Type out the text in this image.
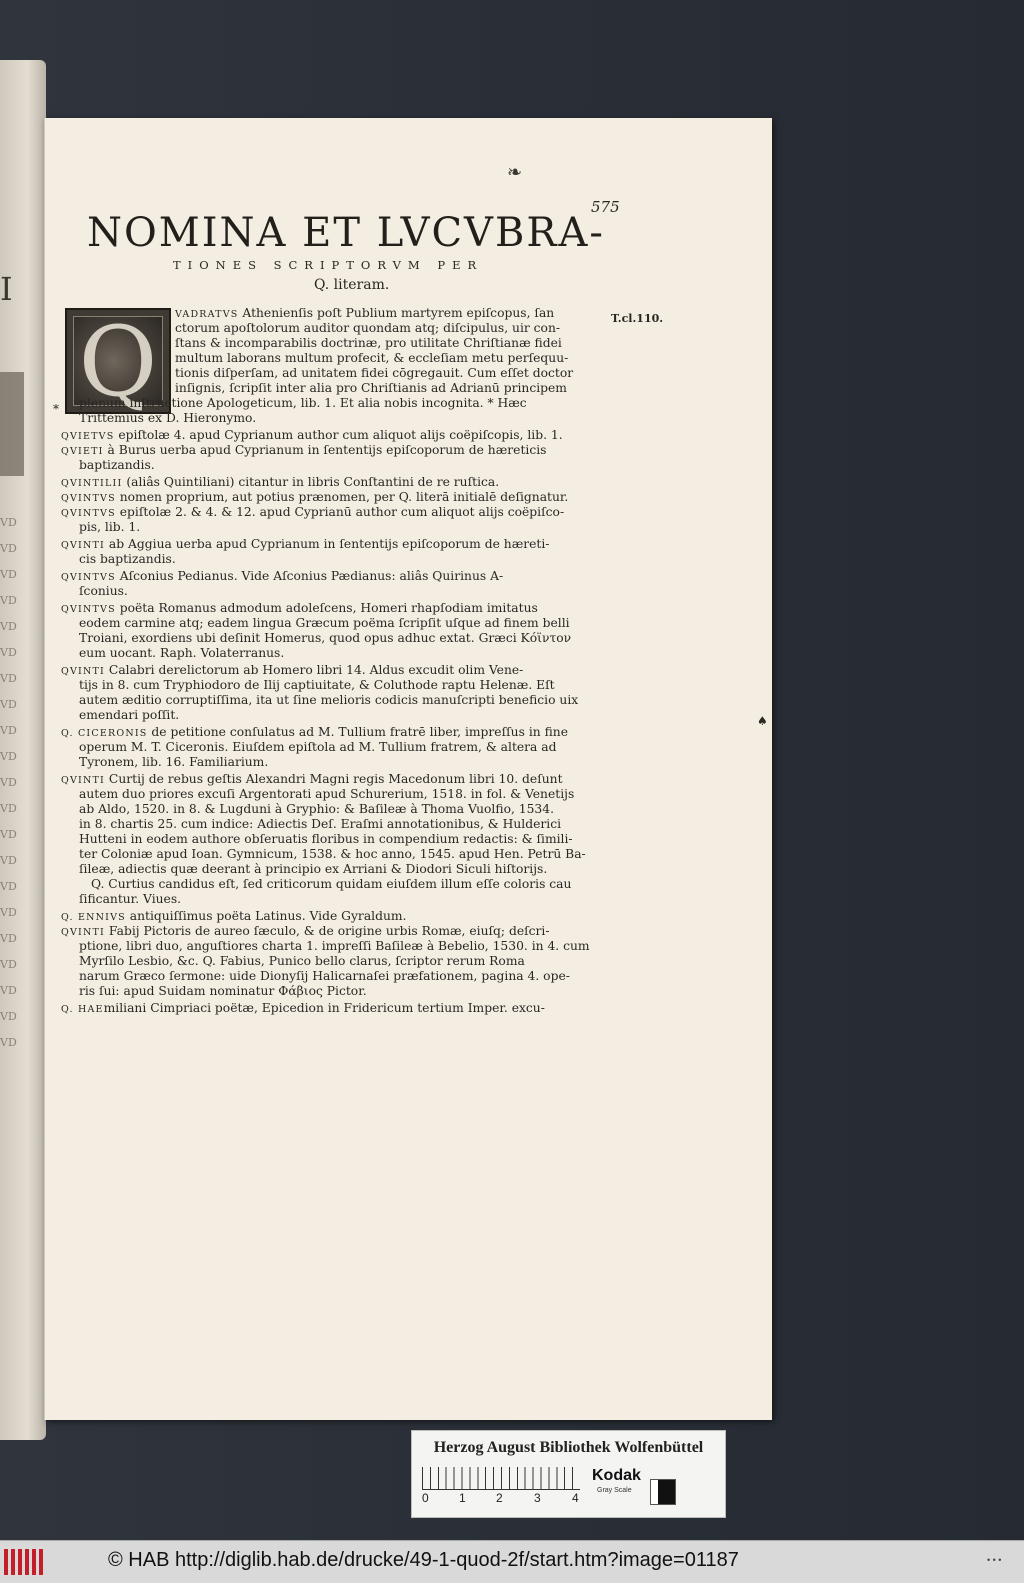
I
VD
VD
VD
VD
VD
VD
VD
VD
VD
VD
VD
VD
VD
VD
VD
VD
VD
VD
VD
VD
VD
❧
575
NOMINA ET LVCVBRA-
TIONES SCRIPTORVM PER
Q. literam.
Q	T.cl.110.
*
♠
VADRATVS Athenienſis poſt Publium martyrem epiſcopus, ſan
ctorum apoſtolorum auditor quondam atq; diſcipulus, uir con-
ſtans & incomparabilis doctrinæ, pro utilitate Chriſtianæ fidei
multum laborans multum profecit, & eccleſiam metu perſequu-
tionis diſperſam, ad unitatem fidei cōgregauit. Cum eſſet doctor
inſignis, ſcripſit inter alia pro Chriſtianis ad Adrianū principem
plenum inſtructione Apologeticum, lib. 1. Et alia nobis incognita. * Hæc
Trittemius ex D. Hieronymo.
QVIETVS epiſtolæ 4. apud Cyprianum author cum aliquot alijs coëpiſcopis, lib. 1.
QVIETI à Burus uerba apud Cyprianum in ſententijs epiſcoporum de hæreticis
baptizandis.
QVINTILII (aliâs Quintiliani) citantur in libris Conſtantini de re ruſtica.
QVINTVS nomen proprium, aut potius prænomen, per Q. literā initialē deſignatur.
QVINTVS epiſtolæ 2. & 4. & 12. apud Cyprianū author cum aliquot alijs coëpiſco-
pis, lib. 1.
QVINTI ab Aggiua uerba apud Cyprianum in ſententijs epiſcoporum de hæreti-
cis baptizandis.
QVINTVS Aſconius Pedianus. Vide Aſconius Pædianus: aliâs Quirinus A-
ſconius.
QVINTVS poëta Romanus admodum adoleſcens, Homeri rhapſodiam imitatus
eodem carmine atq; eadem lingua Græcum poëma ſcripſit uſque ad finem belli
Troiani, exordiens ubi deſinit Homerus, quod opus adhuc extat. Græci Κόϊντον
eum uocant. Raph. Volaterranus.
QVINTI Calabri derelictorum ab Homero libri 14. Aldus excudit olim Vene-
tijs in 8. cum Tryphiodoro de Ilij captiuitate, & Coluthode raptu Helenæ. Eſt
autem æditio corruptiſſima, ita ut ſine melioris codicis manuſcripti beneficio uix
emendari poſſit.
Q. CICERONIS de petitione conſulatus ad M. Tullium fratrē liber, impreſſus in fine
operum M. T. Ciceronis. Eiuſdem epiſtola ad M. Tullium fratrem, & altera ad
Tyronem, lib. 16. Familiarium.
QVINTI Curtij de rebus geſtis Alexandri Magni regis Macedonum libri 10. deſunt
autem duo priores excuſi Argentorati apud Schurerium, 1518. in fol. & Venetijs
ab Aldo, 1520. in 8. & Lugduni à Gryphio: & Baſileæ à Thoma Vuolfio, 1534.
in 8. chartis 25. cum indice: Adiectis Deſ. Eraſmi annotationibus, & Hulderici
Hutteni in eodem authore obſeruatis floribus in compendium redactis: & ſimili-
ter Coloniæ apud Ioan. Gymnicum, 1538. & hoc anno, 1545. apud Hen. Petrū Ba-
ſileæ, adiectis quæ deerant à principio ex Arriani & Diodori Siculi hiſtorijs.
Q. Curtius candidus eſt, ſed criticorum quidam eiuſdem illum eſſe coloris cau
ſificantur. Viues.
Q. ENNIVS antiquiſſimus poëta Latinus. Vide Gyraldum.
QVINTI Fabij Pictoris de aureo ſæculo, & de origine urbis Romæ, eiuſq; deſcri-
ptione, libri duo, anguſtiores charta 1. impreſſi Baſileæ à Bebelio, 1530. in 4. cum
Myrſilo Lesbio, &c. Q. Fabius, Punico bello clarus, ſcriptor rerum Roma
narum Græco ſermone: uide Dionyſij Halicarnaſei præfationem, pagina 4. ope-
ris ſui: apud Suidam nominatur Φάβιος Pictor.
Q. HAEmiliani Cimpriaci poëtæ, Epicedion in Fridericum tertium Imper. excu-
Herzog August Bibliothek Wolfenbüttel
0	1	2	3	4
Kodak
Gray Scale
© HAB http://diglib.hab.de/drucke/49-1-quod-2f/start.htm?image=01187	• • •
